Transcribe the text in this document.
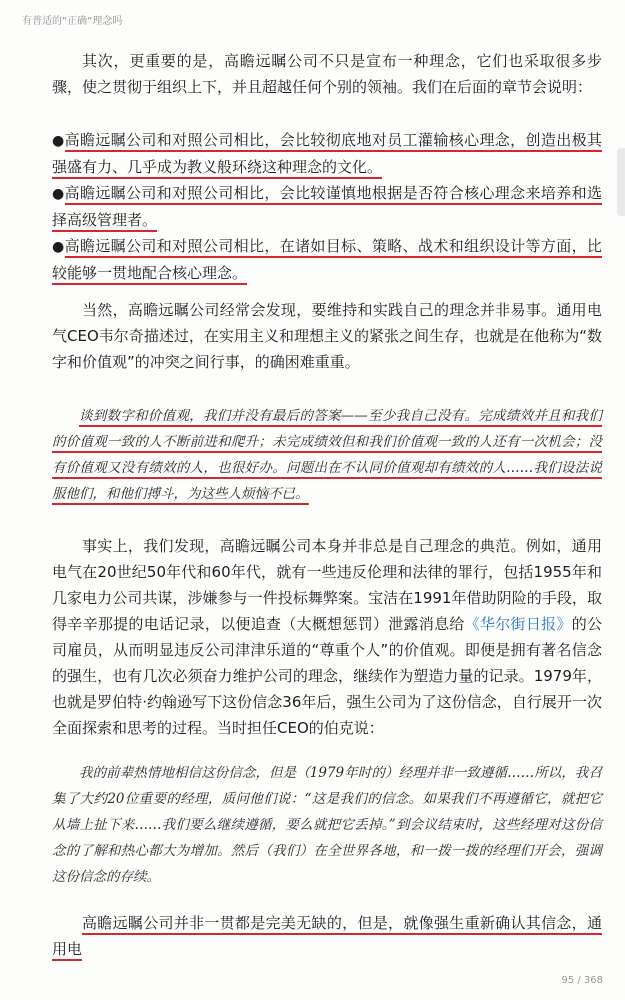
有普适的“正确”理念吗

其次，更重要的是，高瞻远瞩公司不只是宣布一种理念，它们也采取很多步骤，使之贯彻于组织上下，并且超越任何个别的领袖。我们在后面的章节会说明：

●高瞻远瞩公司和对照公司相比，会比较彻底地对员工灌输核心理念，创造出极其强盛有力、几乎成为教义般环绕这种理念的文化。

●高瞻远瞩公司和对照公司相比，会比较谨慎地根据是否符合核心理念来培养和选择高级管理者。

●高瞻远瞩公司和对照公司相比，在诸如目标、策略、战术和组织设计等方面，比较能够一贯地配合核心理念。

当然，高瞻远瞩公司经常会发现，要维持和实践自己的理念并非易事。通用电气CEO韦尔奇描述过，在实用主义和理想主义的紧张之间生存，也就是在他称为“数字和价值观”的冲突之间行事，的确困难重重。

谈到数字和价值观，我们并没有最后的答案——至少我自己没有。完成绩效并且和我们的价值观一致的人不断前进和爬升；未完成绩效但和我们价值观一致的人还有一次机会；没有价值观又没有绩效的人，也很好办。问题出在不认同价值观却有绩效的人……我们设法说服他们，和他们搏斗，为这些人烦恼不已。

事实上，我们发现，高瞻远瞩公司本身并非总是自己理念的典范。例如，通用电气在20世纪50年代和60年代，就有一些违反伦理和法律的罪行，包括1955年和几家电力公司共谋，涉嫌参与一件投标舞弊案。宝洁在1991年借助阴险的手段，取得辛辛那提的电话记录，以便追查（大概想惩罚）泄露消息给《华尔街日报》的公司雇员，从而明显违反公司津津乐道的“尊重个人”的价值观。即便是拥有著名信念的强生，也有几次必须奋力维护公司的理念，继续作为塑造力量的记录。1979年，也就是罗伯特·约翰逊写下这份信念36年后，强生公司为了这份信念，自行展开一次全面探索和思考的过程。当时担任CEO的伯克说：

我的前辈热情地相信这份信念，但是（1979年时的）经理并非一致遵循……所以，我召集了大约20位重要的经理，质问他们说：“这是我们的信念。如果我们不再遵循它，就把它从墙上扯下来……我们要么继续遵循，要么就把它丢掉。”到会议结束时，这些经理对这份信念的了解和热心都大为增加。然后（我们）在全世界各地，和一拨一拨的经理们开会，强调这份信念的存续。

高瞻远瞩公司并非一贯都是完美无缺的，但是，就像强生重新确认其信念，通用电

95 / 368
